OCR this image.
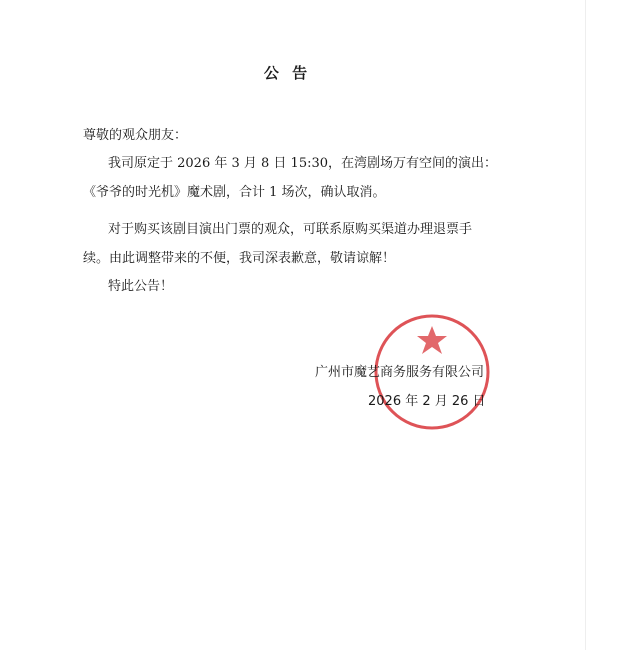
公 告
尊敬的观众朋友：
我司原定于 2026 年 3 月 8 日 15:30，在湾剧场万有空间的演出：
《爷爷的时光机》魔术剧，合计 1 场次，确认取消。
对于购买该剧目演出门票的观众，可联系原购买渠道办理退票手
续。由此调整带来的不便，我司深表歉意，敬请谅解！
特此公告！
广州市魔艺商务服务有限公司
2026 年 2 月 26 日
